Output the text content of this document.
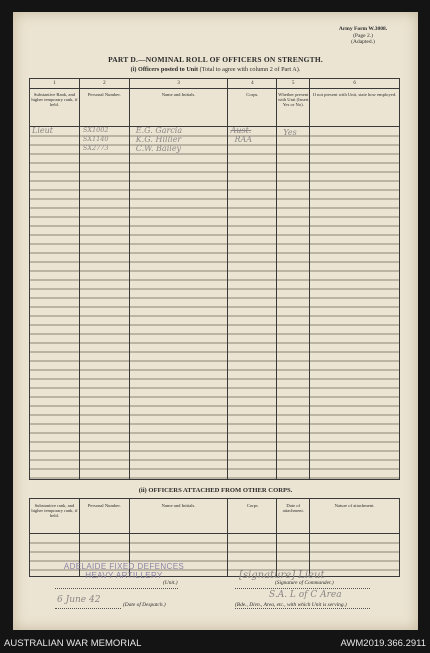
Army Form W.3008.
(Page 2.)
(Adapted.)
PART D.—NOMINAL ROLL OF OFFICERS ON STRENGTH.
(i) Officers posted to Unit (Total to agree with column 2 of Part A).
1	2	3	4	5	6
Substantive Rank, and higher temporary rank, if held.	Personal Number.	Name and Initials.	Corps.	Whether present with Unit (Insert Yes or No).	If not present with Unit, state how employed.

Lieut	SX1002
SX1140
SX2773	E.G. Garcia
K.G. Hillier
C.W. Bailey	Aust.
RAA	Yes	

(ii) OFFICERS ATTACHED FROM OTHER CORPS.
Substantive rank, and higher temporary rank, if held.	Personal Number.	Name and Initials.	Corps	Date of attachment.	Nature of attachment.

ADELAIDE FIXED DEFENCES
HEAVY ARTILLERY
(Unit.)
6 June 42	(Date of Despatch.)
[signature] Lieut
(Signature of Commander.)
S.A. L of C Area
(Bde., Divn., Area, etc., with which Unit is serving.)
AUSTRALIAN WAR MEMORIAL	AWM2019.366.2911
